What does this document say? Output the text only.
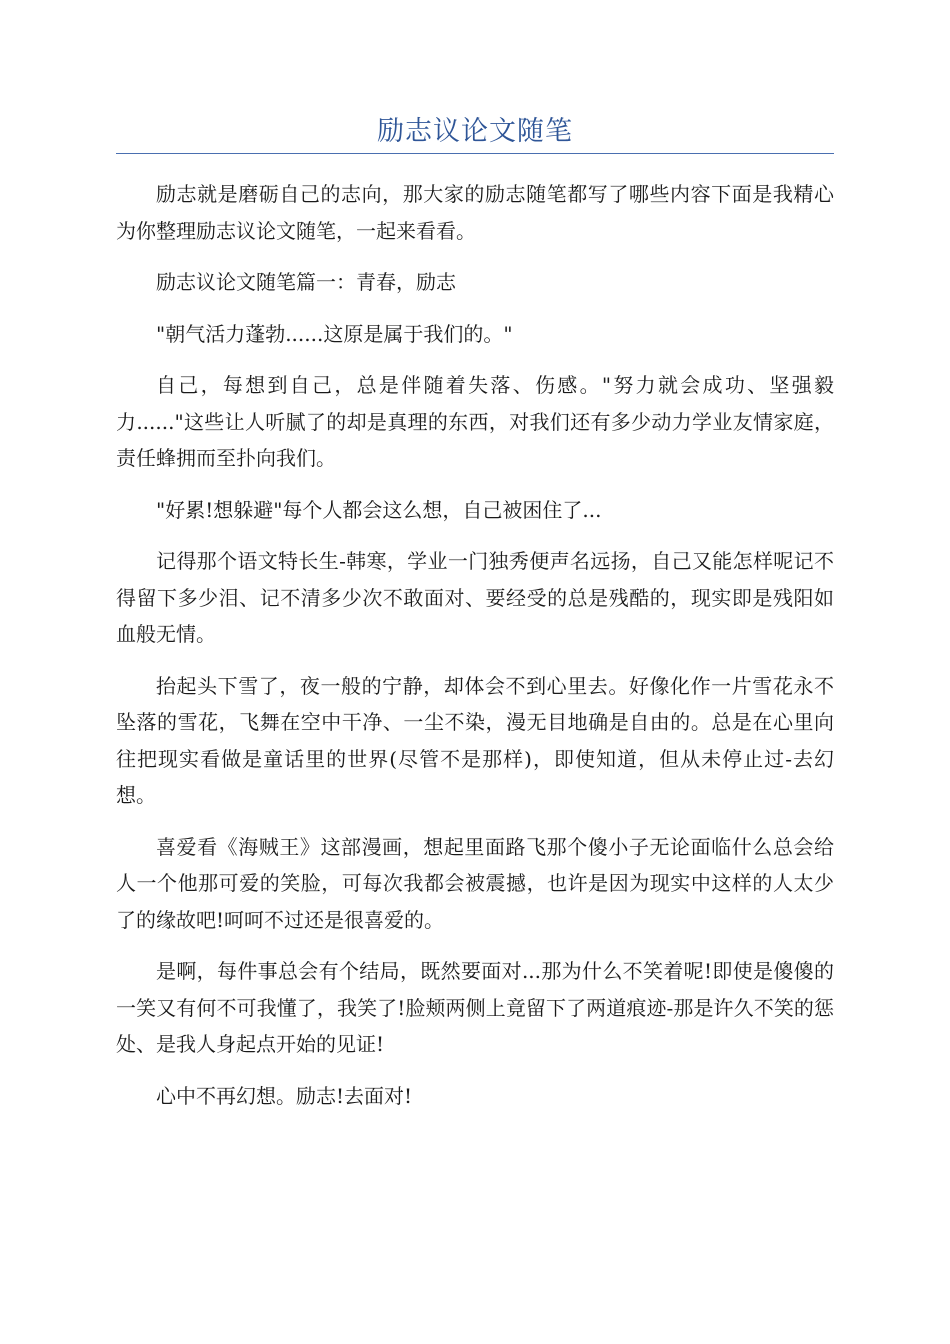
励志议论文随笔

励志就是磨砺自己的志向，那大家的励志随笔都写了哪些内容下面是我精心为你整理励志议论文随笔，一起来看看。

励志议论文随笔篇一：青春，励志

"朝气活力蓬勃......这原是属于我们的。"

自己，每想到自己，总是伴随着失落、伤感。"努力就会成功、坚强毅力......"这些让人听腻了的却是真理的东西，对我们还有多少动力学业友情家庭，责任蜂拥而至扑向我们。

"好累!想躲避"每个人都会这么想，自己被困住了...

记得那个语文特长生-韩寒，学业一门独秀便声名远扬，自己又能怎样呢记不得留下多少泪、记不清多少次不敢面对、要经受的总是残酷的，现实即是残阳如血般无情。

抬起头下雪了，夜一般的宁静，却体会不到心里去。好像化作一片雪花永不坠落的雪花，飞舞在空中干净、一尘不染，漫无目地确是自由的。总是在心里向往把现实看做是童话里的世界(尽管不是那样)，即使知道，但从未停止过-去幻想。

喜爱看《海贼王》这部漫画，想起里面路飞那个傻小子无论面临什么总会给人一个他那可爱的笑脸，可每次我都会被震撼，也许是因为现实中这样的人太少了的缘故吧!呵呵不过还是很喜爱的。

是啊，每件事总会有个结局，既然要面对...那为什么不笑着呢!即使是傻傻的一笑又有何不可我懂了，我笑了!脸颊两侧上竟留下了两道痕迹-那是许久不笑的惩处、是我人身起点开始的见证!

心中不再幻想。励志!去面对!
